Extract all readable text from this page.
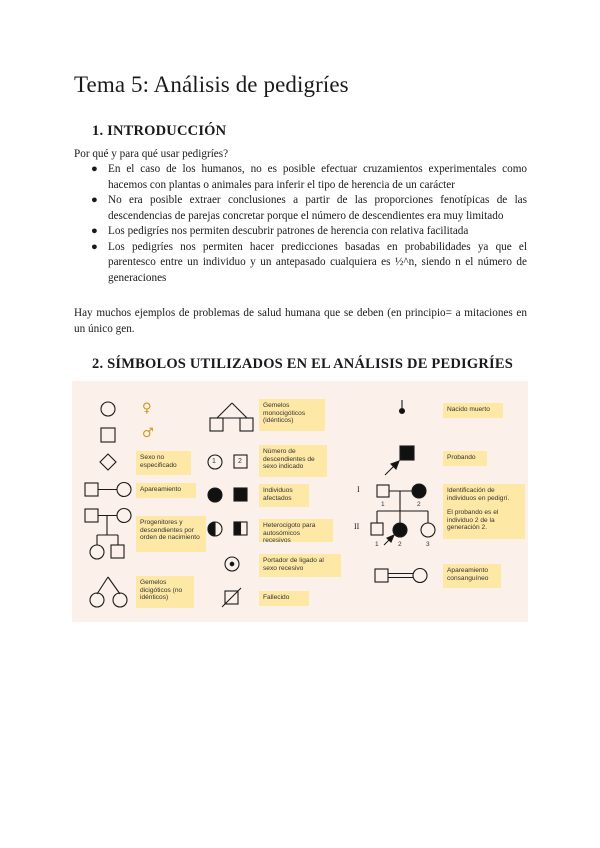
Tema 5: Análisis de pedigríes
1. INTRODUCCIÓN

Por qué y para qué usar pedigríes?

● En el caso de los humanos, no es posible efectuar cruzamientos experimentales como hacemos con plantas o animales para inferir el tipo de herencia de un carácter
● No era posible extraer conclusiones a partir de las proporciones fenotípicas de las descendencias de parejas concretar porque el número de descendientes era muy limitado
● Los pedigríes nos permiten descubrir patrones de herencia con relativa facilitada
● Los pedigríes nos permiten hacer predicciones basadas en probabilidades ya que el parentesco entre un individuo y un antepasado cualquiera es ½^n, siendo n el número de generaciones

Hay muchos ejemplos de problemas de salud humana que se deben (en principio= a mitaciones en un único gen.

2. SÍMBOLOS UTILIZADOS EN EL ANÁLISIS DE PEDIGRÍES
♀
♂
1	2
I
II
1	2
1	2	3
Sexo no especificado
Apareamiento
Progenitores y descendientes por orden de nacimiento
Gemelos dicigóticos (no idénticos)
Gemelos monocigóticos (idénticos)
Número de descendientes de sexo indicado
Individuos afectados
Heterocigoto para autosómicos recesivos
Portador de ligado al sexo recesivo
Fallecido
Nacido muerto
Probando
Identificación de individuos en pedigrí.
El probando es el individuo 2 de la generación 2.
Apareamiento consanguíneo
